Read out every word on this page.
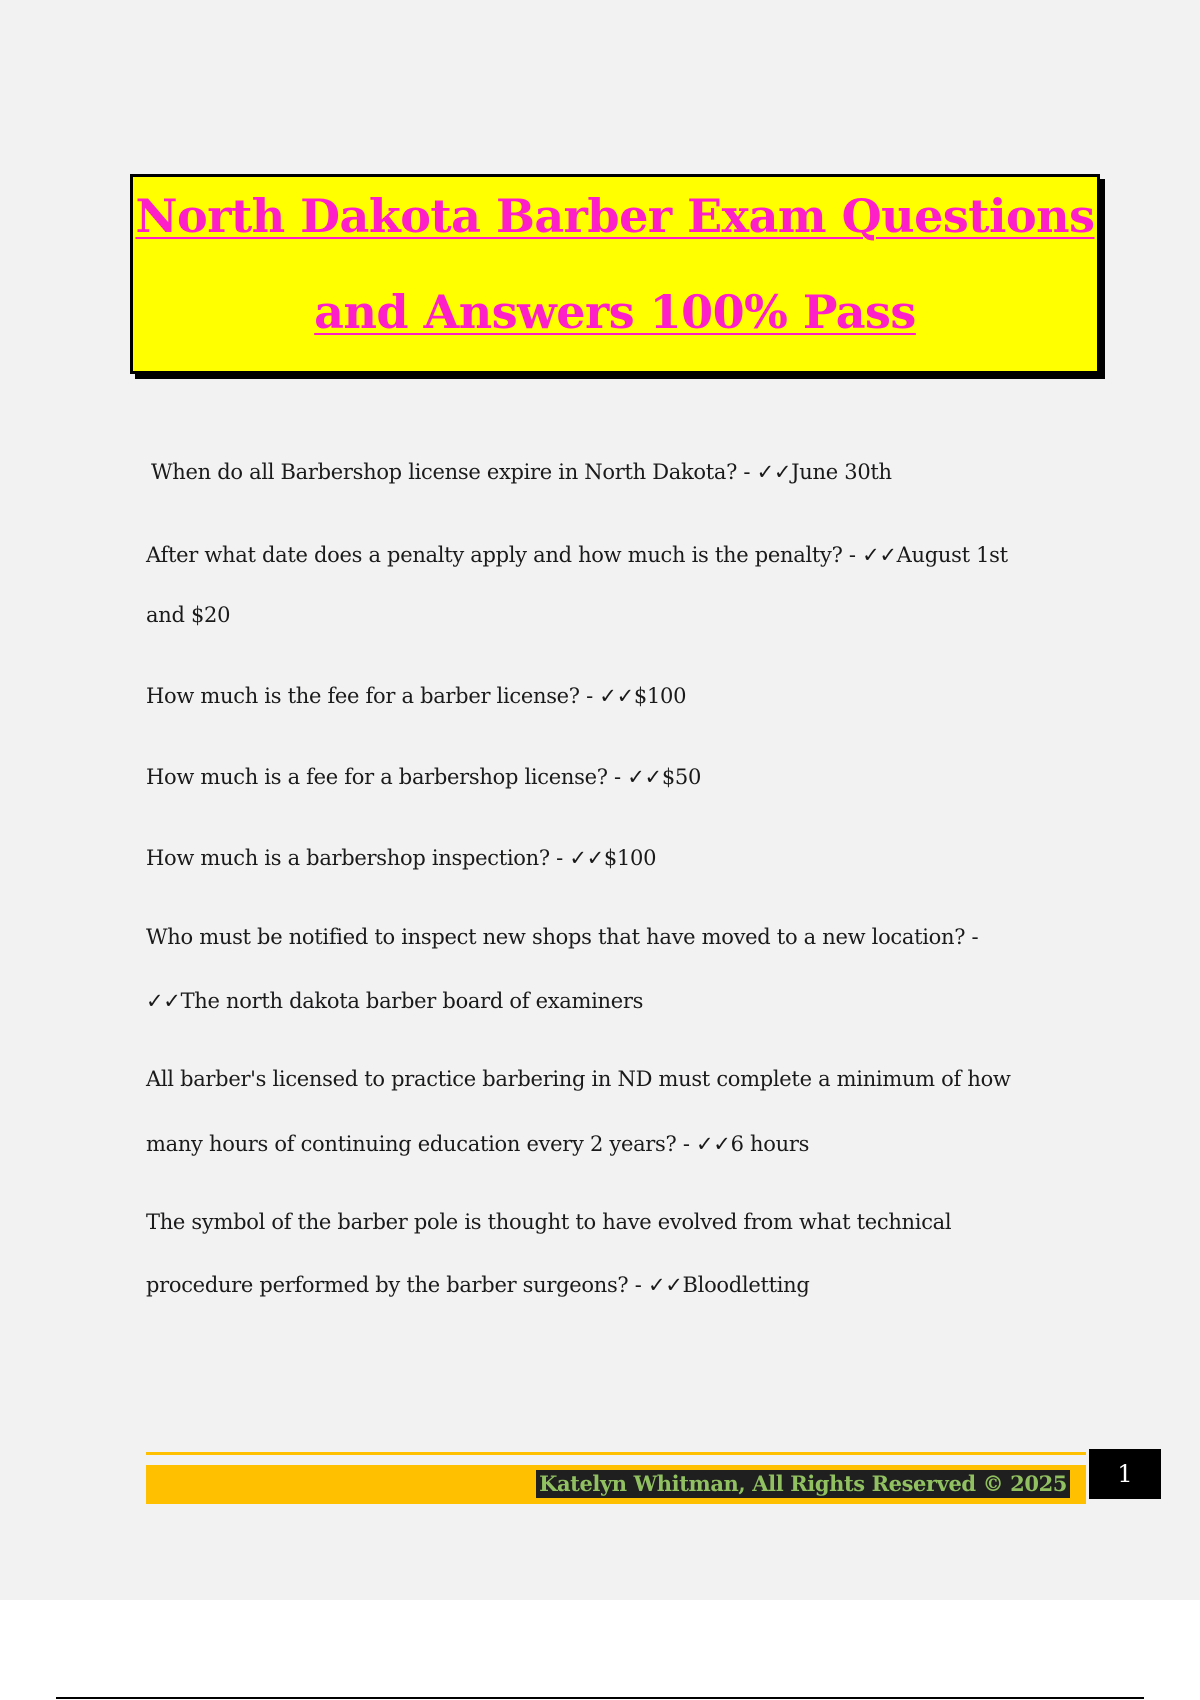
North Dakota Barber Exam Questions
and Answers 100% Pass
When do all Barbershop license expire in North Dakota? - ✓✓June 30th
After what date does a penalty apply and how much is the penalty? - ✓✓August 1st
and $20
How much is the fee for a barber license? - ✓✓$100
How much is a fee for a barbershop license? - ✓✓$50
How much is a barbershop inspection? - ✓✓$100
Who must be notified to inspect new shops that have moved to a new location? -
✓✓The north dakota barber board of examiners
All barber's licensed to practice barbering in ND must complete a minimum of how
many hours of continuing education every 2 years? - ✓✓6 hours
The symbol of the barber pole is thought to have evolved from what technical
procedure performed by the barber surgeons? - ✓✓Bloodletting
Katelyn Whitman, All Rights Reserved © 2025	1
